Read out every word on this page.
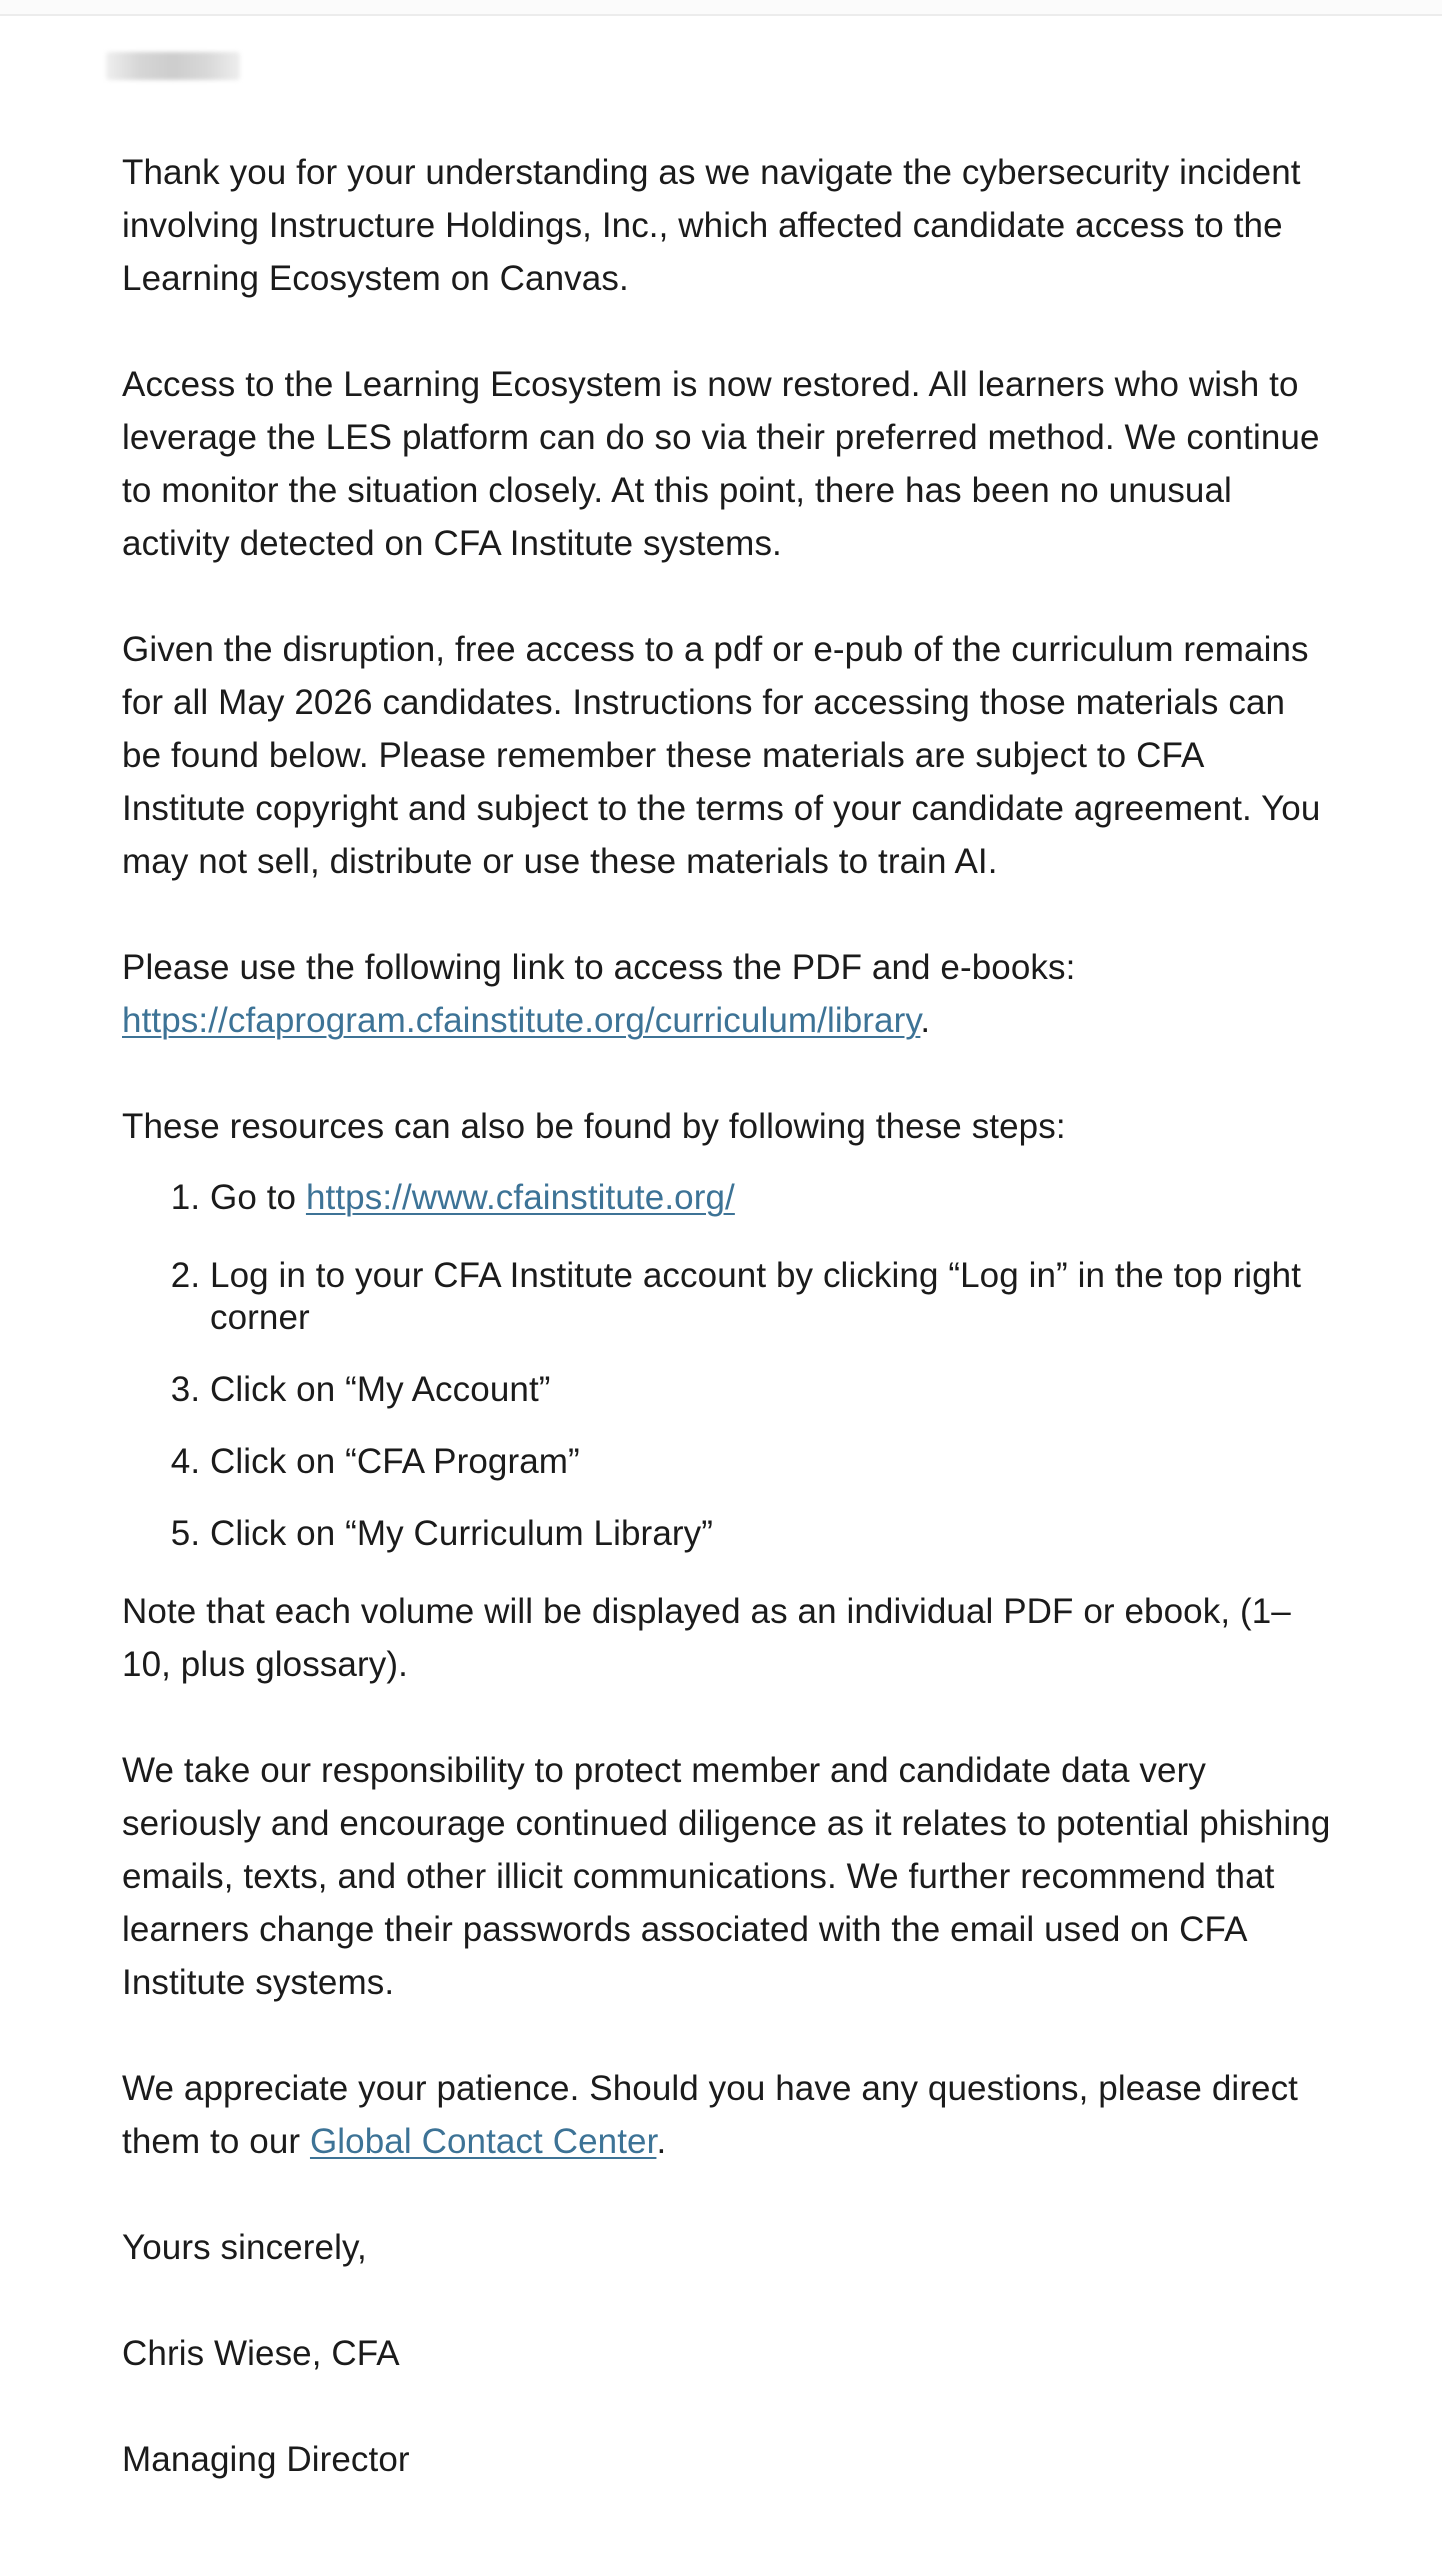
Thank you for your understanding as we navigate the cybersecurity incident involving Instructure Holdings, Inc., which affected candidate access to the Learning Ecosystem on Canvas.

Access to the Learning Ecosystem is now restored. All learners who wish to leverage the LES platform can do so via their preferred method. We continue to monitor the situation closely. At this point, there has been no unusual activity detected on CFA Institute systems.

Given the disruption, free access to a pdf or e-pub of the curriculum remains for all May 2026 candidates. Instructions for accessing those materials can be found below. Please remember these materials are subject to CFA Institute copyright and subject to the terms of your candidate agreement. You may not sell, distribute or use these materials to train AI.

Please use the following link to access the PDF and e-books: https://cfaprogram.cfainstitute.org/curriculum/library.

These resources can also be found by following these steps:

1. Go to https://www.cfainstitute.org/
2. Log in to your CFA Institute account by clicking “Log in” in the top right corner
3. Click on “My Account”
4. Click on “CFA Program”
5. Click on “My Curriculum Library”

Note that each volume will be displayed as an individual PDF or ebook, (1–10, plus glossary).

We take our responsibility to protect member and candidate data very seriously and encourage continued diligence as it relates to potential phishing emails, texts, and other illicit communications. We further recommend that learners change their passwords associated with the email used on CFA Institute systems.

We appreciate your patience. Should you have any questions, please direct them to our Global Contact Center.

Yours sincerely,

Chris Wiese, CFA

Managing Director
